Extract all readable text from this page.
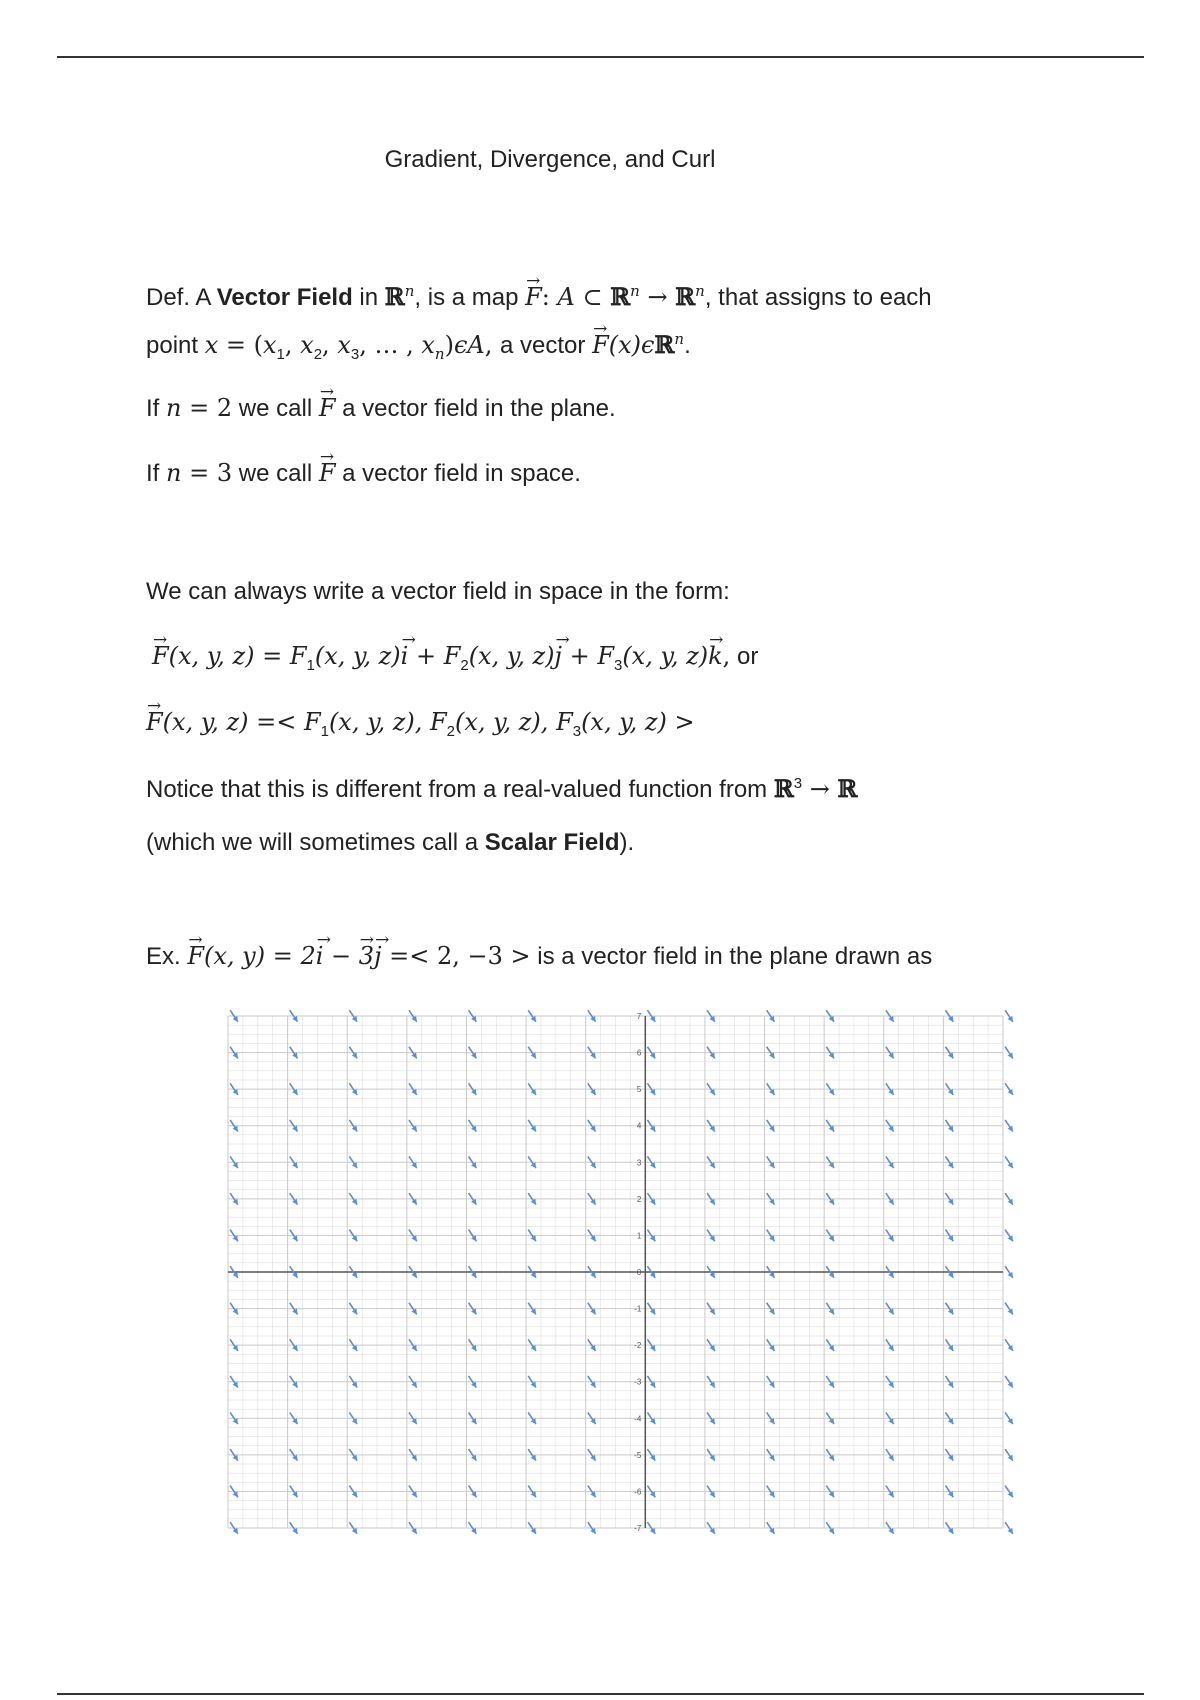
Gradient, Divergence, and Curl
Def. A Vector Field in ℝ$^n$, is a map → F: A ⊂ ℝ$^n$ → ℝ$^n$, that assigns to each
point $x = (x_1$, $x_2$, $x_3$, … , $x_n)\epsilon A$, a vector → F(x)ϵℝ$^n$.
If n = 2 we call → F a vector field in the plane.
If n = 3 we call → F a vector field in space.
We can always write a vector field in space in the form:
→ F(x, y, $z) = F_1(x$, y, $z)\to i + F_2(x$, y, $z)\to j + F_3(x$, y, z)→ k, or
→ F(x, y, $z) =< F_1(x$, y, z), $F_2(x$, y, z), $F_3(x$, y, z) >
Notice that this is different from a real-valued function from ℝ$^3$ → ℝ
(which we will sometimes call a Scalar Field).
Ex. → F(x, y) = 2→ i − → 3→ j =< 2, −3 > is a vector field in the plane drawn as
7
6
5
4
3
2
1
0
-1
-2
-3
-4
-5
-6
-7
